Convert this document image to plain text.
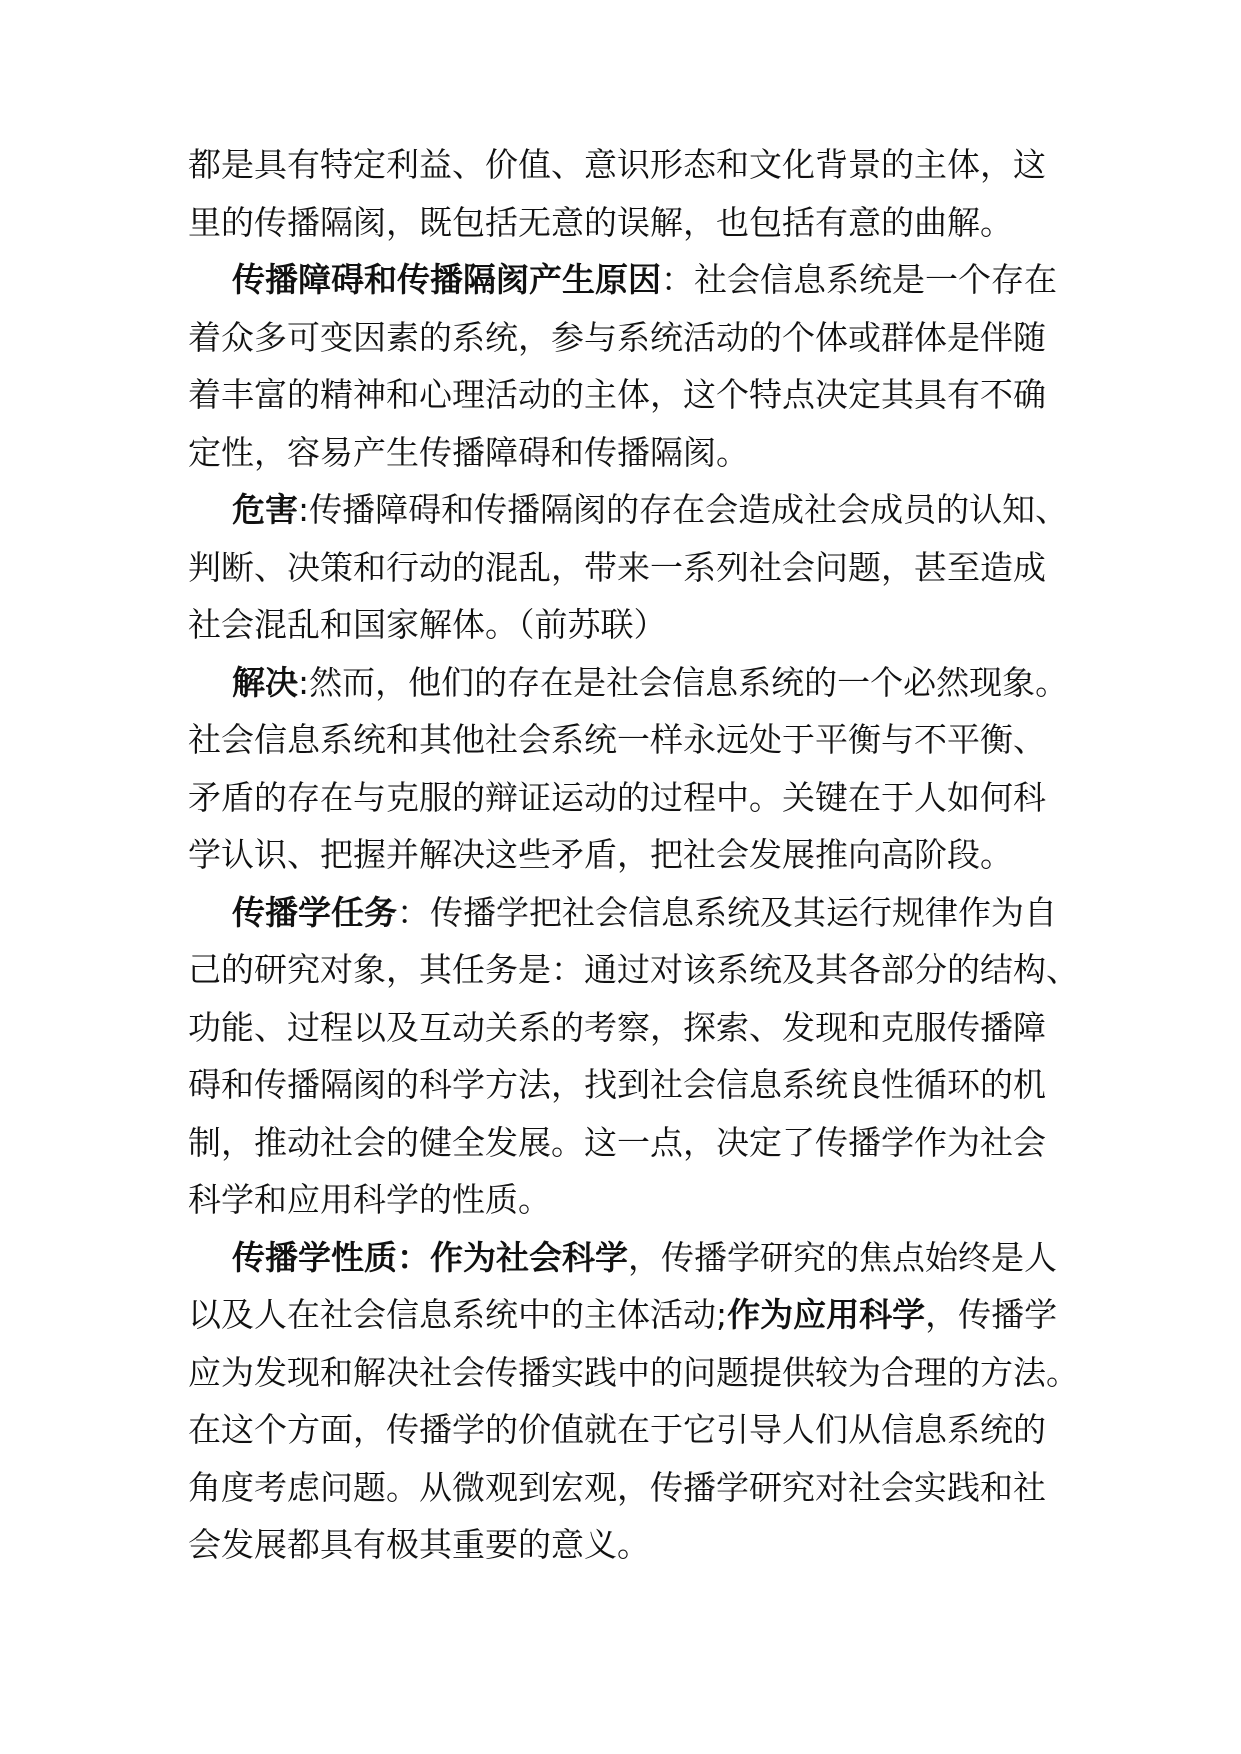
都是具有特定利益、价值、意识形态和文化背景的主体，这
里的传播隔阂，既包括无意的误解，也包括有意的曲解。
传播障碍和传播隔阂产生原因：社会信息系统是一个存在
着众多可变因素的系统，参与系统活动的个体或群体是伴随
着丰富的精神和心理活动的主体，这个特点决定其具有不确
定性，容易产生传播障碍和传播隔阂。
危害:传播障碍和传播隔阂的存在会造成社会成员的认知、
判断、决策和行动的混乱，带来一系列社会问题，甚至造成
社会混乱和国家解体。（前苏联）
解决:然而，他们的存在是社会信息系统的一个必然现象。
社会信息系统和其他社会系统一样永远处于平衡与不平衡、
矛盾的存在与克服的辩证运动的过程中。关键在于人如何科
学认识、把握并解决这些矛盾，把社会发展推向高阶段。
传播学任务：传播学把社会信息系统及其运行规律作为自
己的研究对象，其任务是：通过对该系统及其各部分的结构、
功能、过程以及互动关系的考察，探索、发现和克服传播障
碍和传播隔阂的科学方法，找到社会信息系统良性循环的机
制，推动社会的健全发展。这一点，决定了传播学作为社会
科学和应用科学的性质。
传播学性质：作为社会科学，传播学研究的焦点始终是人
以及人在社会信息系统中的主体活动;作为应用科学，传播学
应为发现和解决社会传播实践中的问题提供较为合理的方法。
在这个方面，传播学的价值就在于它引导人们从信息系统的
角度考虑问题。从微观到宏观，传播学研究对社会实践和社
会发展都具有极其重要的意义。
